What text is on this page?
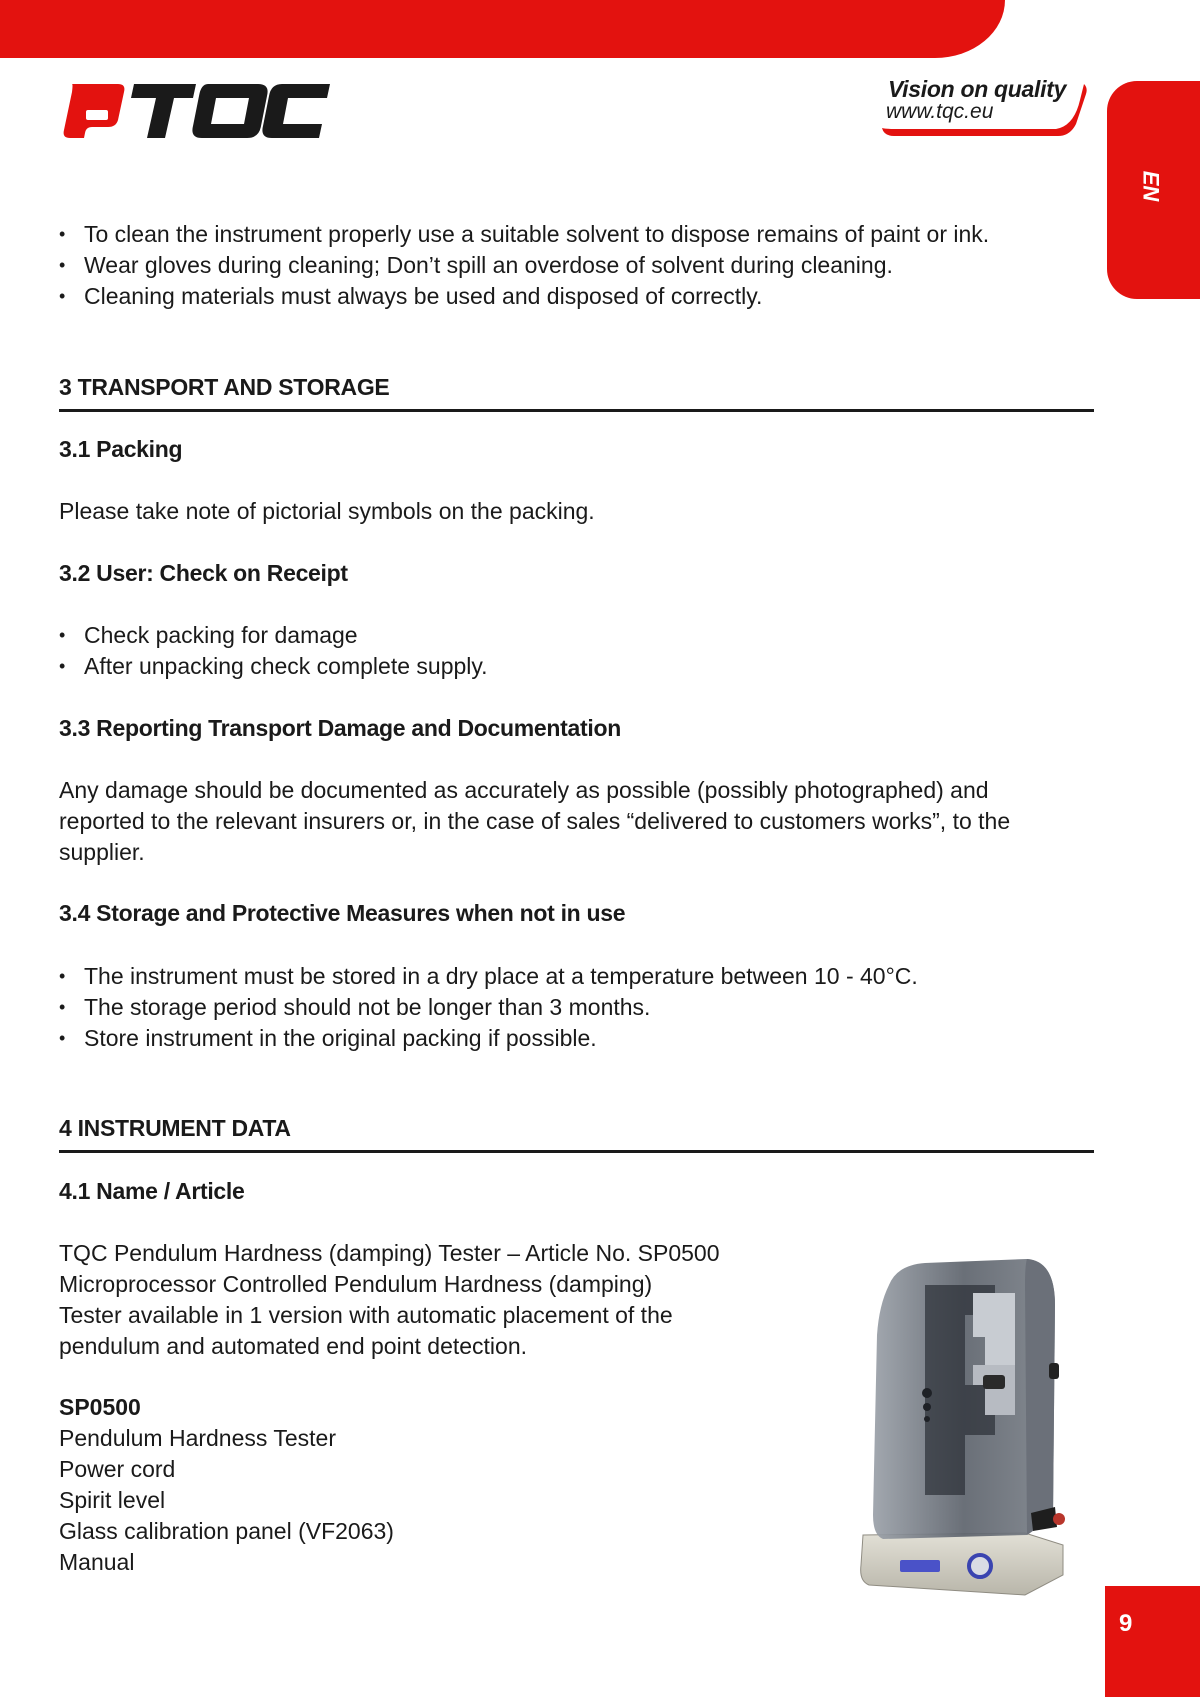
Vision on quality
www.tqc.eu
EN
• To clean the instrument properly use a suitable solvent to dispose remains of paint or ink.
• Wear gloves during cleaning; Don’t spill an overdose of solvent during cleaning.
• Cleaning materials must always be used and disposed of correctly.
3 TRANSPORT AND STORAGE
3.1 Packing
Please take note of pictorial symbols on the packing.
3.2 User: Check on Receipt
• Check packing for damage
• After unpacking check complete supply.
3.3 Reporting Transport Damage and Documentation
Any damage should be documented as accurately as possible (possibly photographed) and
reported to the relevant insurers or, in the case of sales “delivered to customers works”, to the
supplier.
3.4 Storage and Protective Measures when not in use
• The instrument must be stored in a dry place at a temperature between 10 - 40°C.
• The storage period should not be longer than 3 months.
• Store instrument in the original packing if possible.
4 INSTRUMENT DATA
4.1 Name / Article
TQC Pendulum Hardness (damping) Tester – Article No. SP0500
Microprocessor Controlled Pendulum Hardness (damping)
Tester available in 1 version with automatic placement of the
pendulum and automated end point detection.
SP0500
Pendulum Hardness Tester
Power cord
Spirit level
Glass calibration panel (VF2063)
Manual
9
